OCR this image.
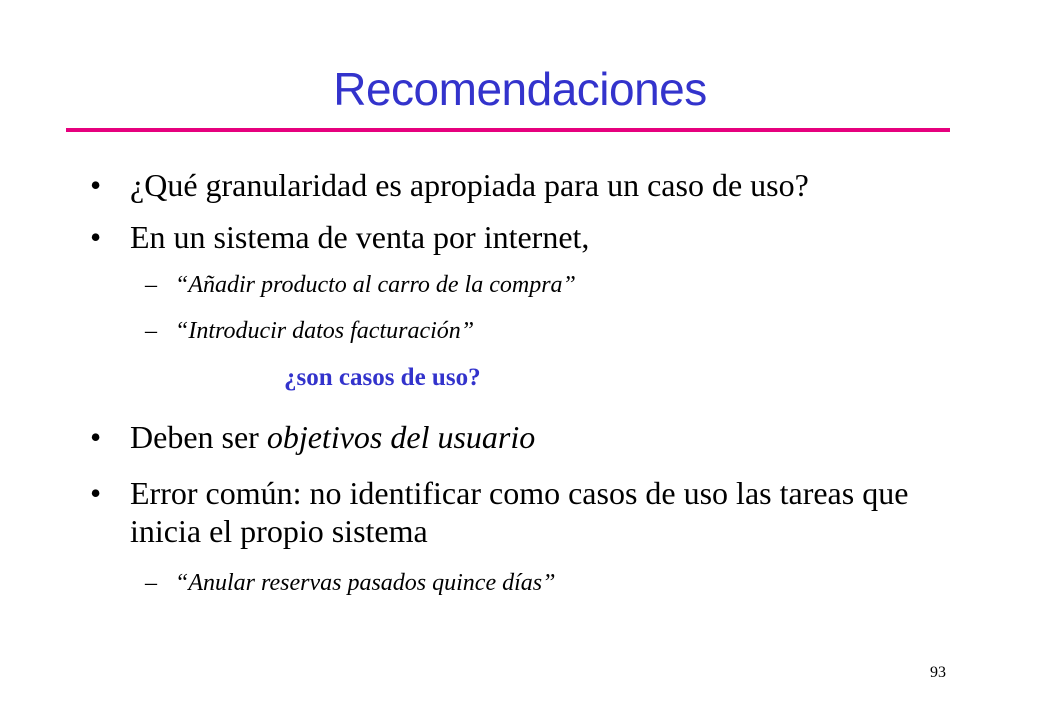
Recomendaciones
• ¿Qué granularidad es apropiada para un caso de uso?
• En un sistema de venta por internet,
– “Añadir producto al carro de la compra”
– “Introducir datos facturación”
¿son casos de uso?
• Deben ser objetivos del usuario
• Error común: no identificar como casos de uso las tareas que inicia el propio sistema
– “Anular reservas pasados quince días”
93
